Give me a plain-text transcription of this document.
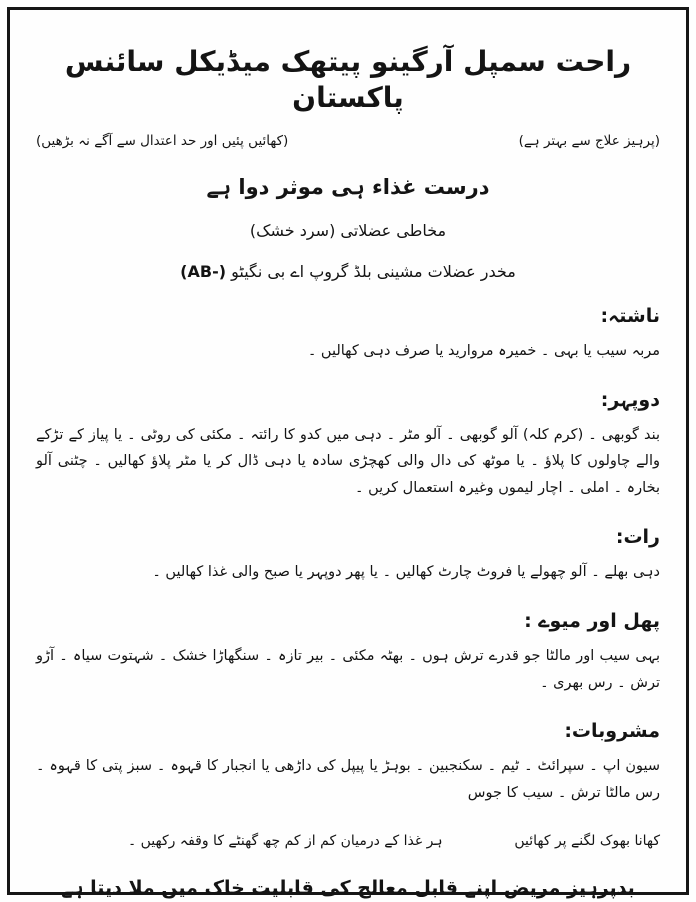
راحت سمپل آرگینو پیتھک میڈیکل سائنس پاکستان
(پرہیز علاج سے بہتر ہے)
(کھائیں پئیں اور حد اعتدال سے آگے نہ بڑھیں)
درست غذاء ہی موثر دوا ہے
مخاطی عضلاتی (سرد خشک)
مخدر عضلات مشینی بلڈ گروپ اے بی نگیٹو (AB-)
ناشتہ:
مربہ سیب یا بہی ۔ خمیرہ مروارید یا صرف دہی کھالیں ۔
دوپہر:
بند گوبھی ۔ (کرم کلہ) آلو گوبھی ۔ آلو مٹر ۔ دہی میں کدو کا رائتہ ۔ مکئی کی روٹی ۔ یا پیاز کے تڑکے والے چاولوں کا پلاؤ ۔ یا موٹھ کی دال والی کھچڑی سادہ یا دہی ڈال کر یا مٹر پلاؤ کھالیں ۔ چٹنی آلو بخارہ ۔ املی ۔ اچار لیموں وغیرہ استعمال کریں ۔
رات:
دہی بھلے ۔ آلو چھولے یا فروٹ چارٹ کھالیں ۔ یا پھر دوپہر یا صبح والی غذا کھالیں ۔
پھل اور میوے :
بہی سیب اور مالٹا جو قدرے ترش ہوں ۔ بھٹہ مکئی ۔ بیر تازہ ۔ سنگھاڑا خشک ۔ شہتوت سیاہ ۔ آڑو ترش ۔ رس بھری ۔
مشروبات:
سیون اپ ۔ سپرائٹ ۔ ٹیم ۔ سکنجبین ۔ بوہڑ یا پیپل کی داڑھی یا انجبار کا قہوہ ۔ سبز پتی کا قہوہ ۔ رس مالٹا ترش ۔ سیب کا جوس
کھانا بھوک لگنے پر کھائیں
ہر غذا کے درمیان کم از کم چھ گھنٹے کا وقفہ رکھیں ۔
بدپرہیز مریض اپنے قابل معالج کی قابلیت خاک میں ملا دیتا ہے
